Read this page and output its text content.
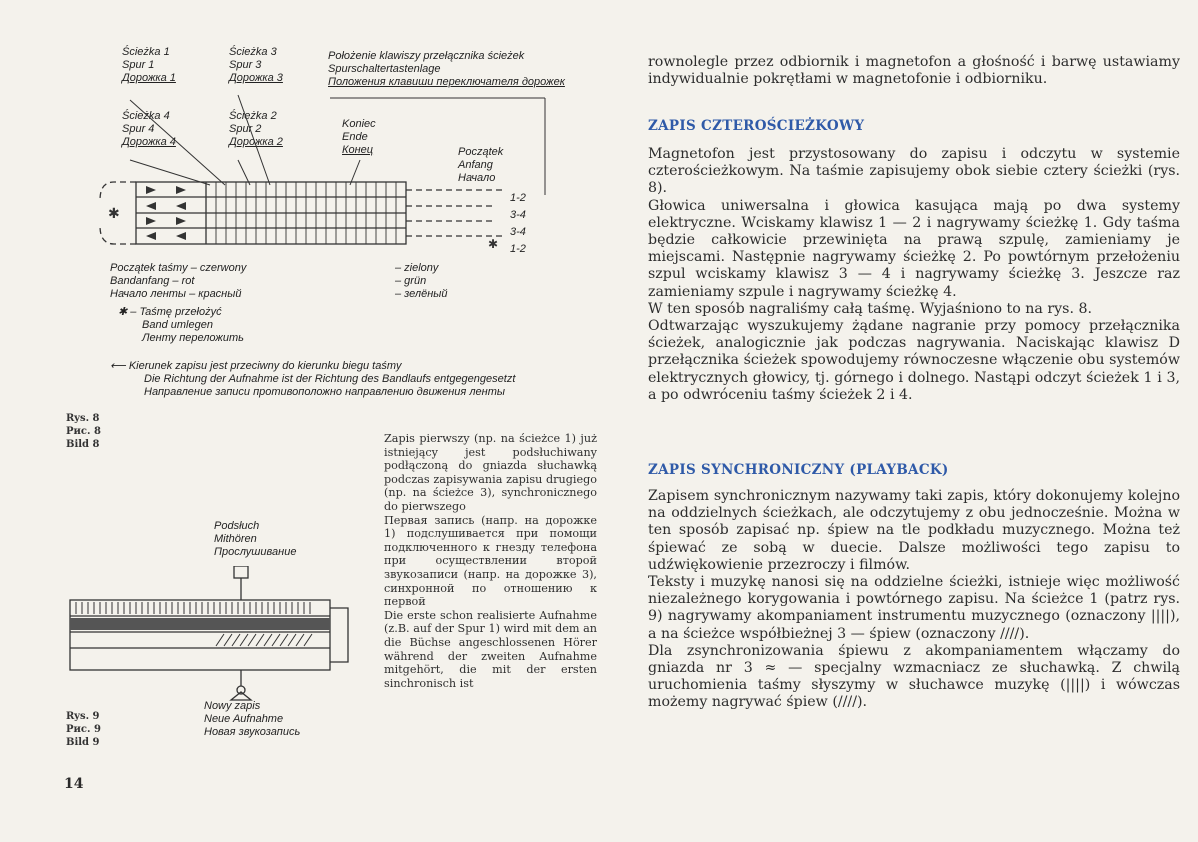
Ścieżka 1
Spur 1
Дорожка 1
Ścieżka 3
Spur 3
Дорожка 3
Położenie klawiszy przełącznika ścieżek
Spurschaltertastenlage
Положения клавиши переключателя дорожек
Ścieżka 4
Spur 4
Дорожка 4
Ścieżka 2
Spur 2
Дорожка 2
Koniec
Ende
Конец	Początek
Anfang
Начало
1-2
3-4
3-4
1-2
✱
✱
Początek taśmy – czerwony
Bandanfang – rot
Начало ленты – красный
– zielony
– grün
– зелёный
✱ – Taśmę przełożyć
Band umlegen
Ленту переложить
⟵ Kierunek zapisu jest przeciwny do kierunku biegu taśmy
Die Richtung der Aufnahme ist der Richtung des Bandlaufs entgegengesetzt
Направление записи противоположно направлению движения ленты
Rys. 8
Рис. 8
Bild 8
Podsłuch
Mithören
Прослушивание
Nowy zapis
Neue Aufnahme
Новая звукозапись
Rys. 9
Рис. 9
Bild 9

Zapis pierwszy (np. na ścieżce 1) już istniejący jest podsłuchiwany podłączoną do gniazda słuchawką podczas zapisywania zapisu drugiego (np. na ścieżce 3), synchronicznego do pierwszego

Первая запись (напр. на дорожке 1) подслушивается при помощи подключенного к гнезду телефона при осуществлении второй звукозаписи (напр. на дорожке 3), синхронной по отношению к первой

Die erste schon realisierte Aufnahme (z.B. auf der Spur 1) wird mit dem an die Büchse angeschlossenen Hörer während der zweiten Aufnahme mitgehört, die mit der ersten sinchronisch ist

14

rownolegle przez odbiornik i magnetofon a głośność i barwę ustawiamy indywidualnie pokrętłami w magnetofonie i odbiorniku.

ZAPIS CZTEROŚCIEŻKOWY

Magnetofon jest przystosowany do zapisu i odczytu w systemie czterościeżkowym. Na taśmie zapisujemy obok siebie cztery ścieżki (rys. 8).

Głowica uniwersalna i głowica kasująca mają po dwa systemy elektryczne. Wciskamy klawisz 1 — 2 i nagrywamy ścieżkę 1. Gdy taśma będzie całkowicie przewinięta na prawą szpulę, zamieniamy je miejscami. Następnie nagrywamy ścieżkę 2. Po powtórnym przełożeniu szpul wciskamy klawisz 3 — 4 i nagrywamy ścieżkę 3. Jeszcze raz zamieniamy szpule i nagrywamy ścieżkę 4.

W ten sposób nagraliśmy całą taśmę. Wyjaśniono to na rys. 8.

Odtwarzając wyszukujemy żądane nagranie przy pomocy przełącznika ścieżek, analogicznie jak podczas nagrywania. Naciskając klawisz D przełącznika ścieżek spowodujemy równoczesne włączenie obu systemów elektrycznych głowicy, tj. górnego i dolnego. Nastąpi odczyt ścieżek 1 i 3, a po odwróceniu taśmy ścieżek 2 i 4.

ZAPIS SYNCHRONICZNY (PLAYBACK)

Zapisem synchronicznym nazywamy taki zapis, który dokonujemy kolejno na oddzielnych ścieżkach, ale odczytujemy z obu jednocześnie. Można w ten sposób zapisać np. śpiew na tle podkładu muzycznego. Można też śpiewać ze sobą w duecie. Dalsze możliwości tego zapisu to udźwiękowienie przezroczy i filmów.

Teksty i muzykę nanosi się na oddzielne ścieżki, istnieje więc możliwość niezależnego korygowania i powtórnego zapisu. Na ścieżce 1 (patrz rys. 9) nagrywamy akompaniament instrumentu muzycznego (oznaczony ||||), a na ścieżce współbieżnej 3 — śpiew (oznaczony ////).

Dla zsynchronizowania śpiewu z akompaniamentem włączamy do gniazda nr 3 ≈ — specjalny wzmacniacz ze słuchawką. Z chwilą uruchomienia taśmy słyszymy w słuchawce muzykę (||||) i wówczas możemy nagrywać śpiew (////).
